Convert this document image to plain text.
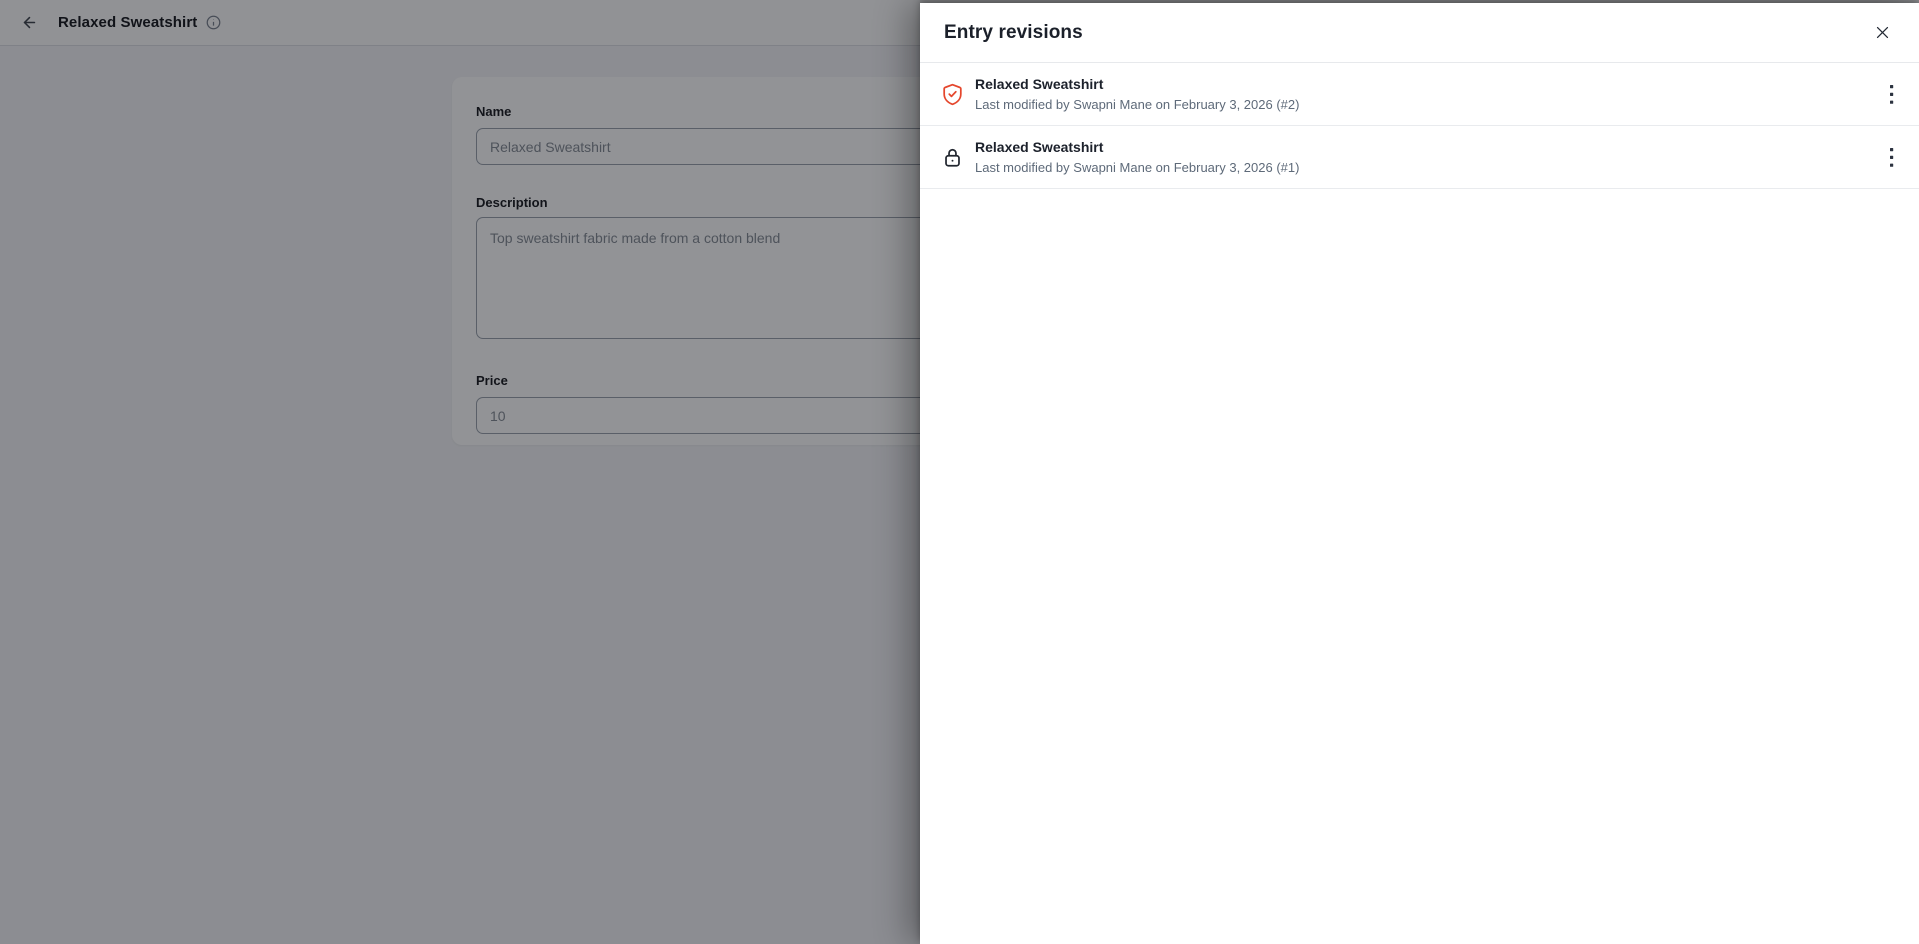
Relaxed Sweatshirt
Name
Relaxed Sweatshirt
Description
Top sweatshirt fabric made from a cotton blend
Price
10
Entry revisions
Relaxed Sweatshirt
Last modified by Swapni Mane on February 3, 2026 (#2)
Relaxed Sweatshirt
Last modified by Swapni Mane on February 3, 2026 (#1)
